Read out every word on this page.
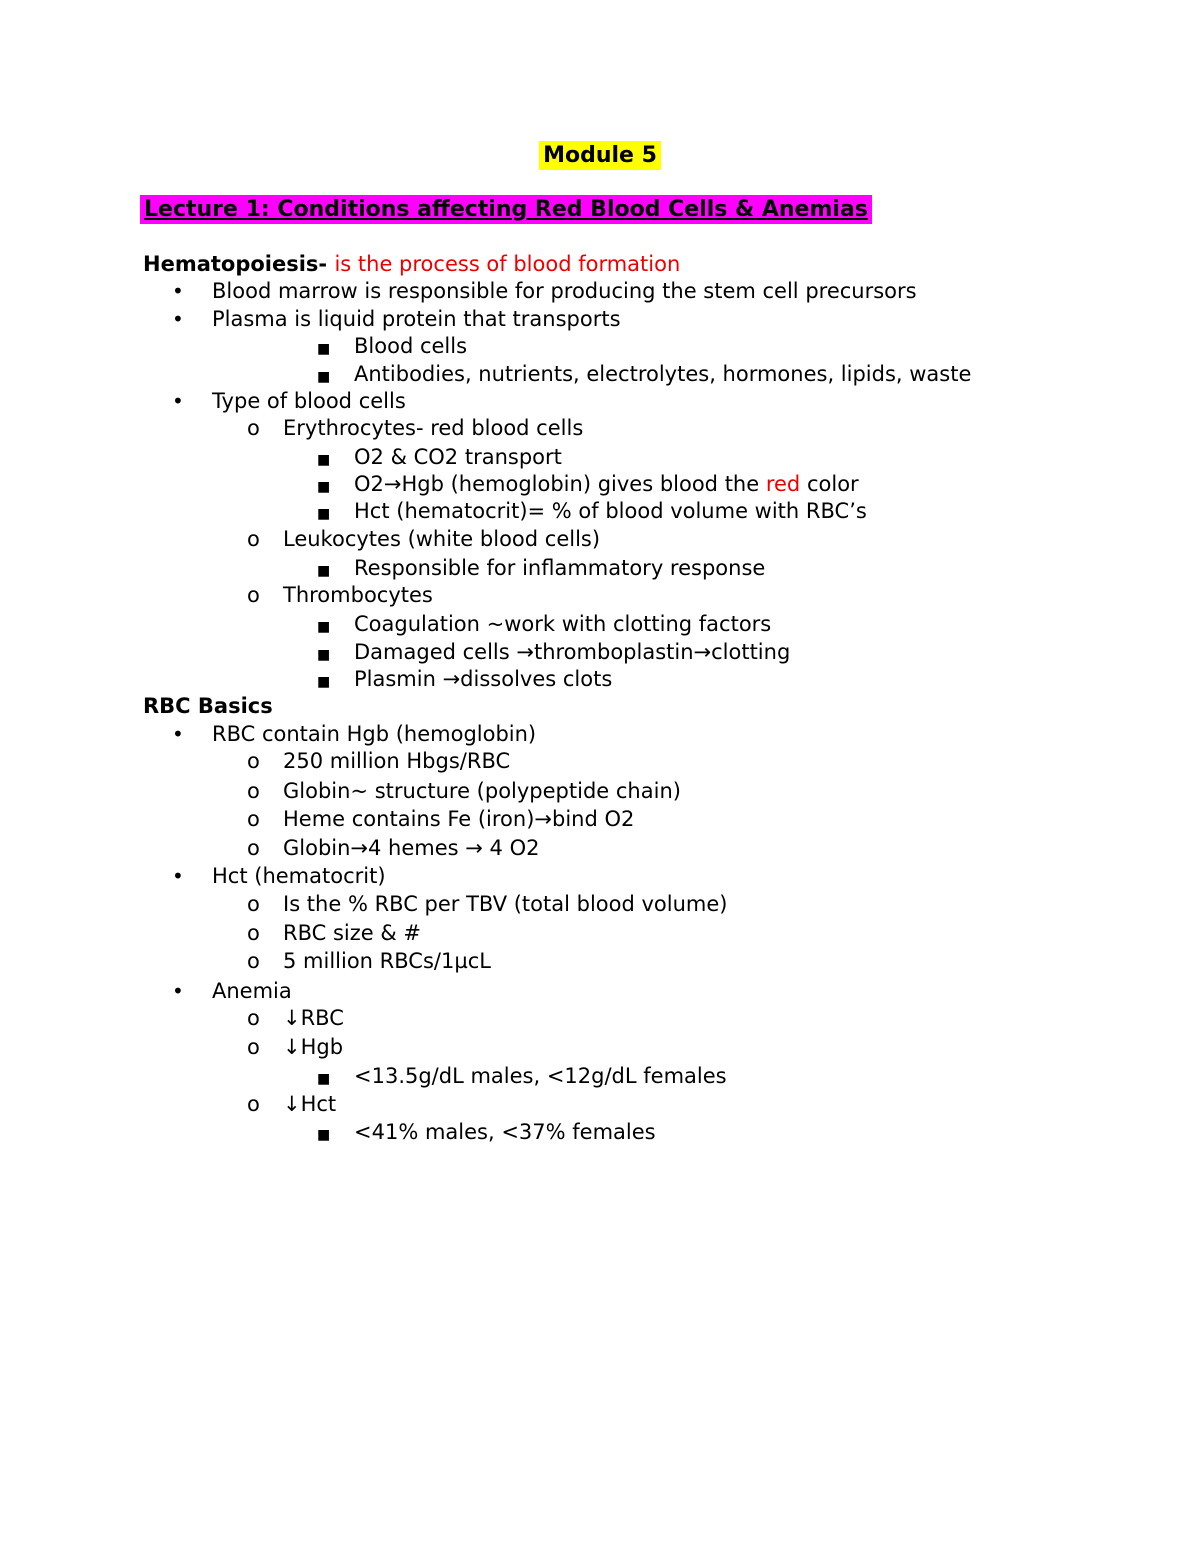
Module 5
Lecture 1: Conditions affecting Red Blood Cells & Anemias
Hematopoiesis- is the process of blood formation
• Blood marrow is responsible for producing the stem cell precursors
• Plasma is liquid protein that transports
■ Blood cells
■ Antibodies, nutrients, electrolytes, hormones, lipids, waste
• Type of blood cells
o Erythrocytes- red blood cells
■ O2 & CO2 transport
■ O2→Hgb (hemoglobin) gives blood the red color
■ Hct (hematocrit)= % of blood volume with RBC’s
o Leukocytes (white blood cells)
■ Responsible for inflammatory response
o Thrombocytes
■ Coagulation ~work with clotting factors
■ Damaged cells →thromboplastin→clotting
■ Plasmin →dissolves clots
RBC Basics
• RBC contain Hgb (hemoglobin)
o 250 million Hbgs/RBC
o Globin~ structure (polypeptide chain)
o Heme contains Fe (iron)→bind O2
o Globin→4 hemes → 4 O2
• Hct (hematocrit)
o Is the % RBC per TBV (total blood volume)
o RBC size & #
o 5 million RBCs/1µcL
• Anemia
o ↓RBC
o ↓Hgb
■ <13.5g/dL males, <12g/dL females
o ↓Hct
■ <41% males, <37% females
